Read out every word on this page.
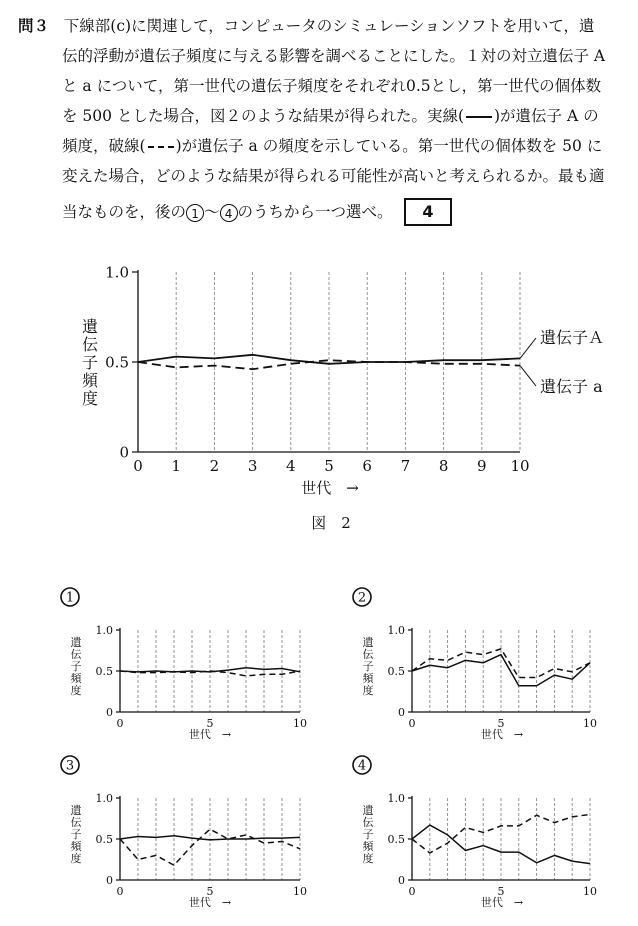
問３ 下線部(c)に関連して，コンピュータのシミュレーションソフトを用いて，遺
伝的浮動が遺伝子頻度に与える影響を調べることにした。１対の対立遺伝子 A
と a について，第一世代の遺伝子頻度をそれぞれ0.5とし，第一世代の個体数
を 500 とした場合，図２のような結果が得られた。実線( )が遺伝子 A の
頻度，破線( )が遺伝子 a の頻度を示している。第一世代の個体数を 50 に
変えた場合，どのような結果が得られる可能性が高いと考えられるか。最も適
当なものを，後の 1 〜 4 のうちから一つ選べ。	4
0
0.5
1.0
0 1 2 3 4 5 6 7 8 9 10
遺
伝
子
頻
度
世代　→
遺伝子Ａ
遺伝子 a
図　2
1
0
0.5
1.0
0	5	10
遺
伝
子
頻
度
世代　→
2
0
0.5
1.0
0	5	10
遺
伝
子
頻
度
世代　→
3
0
0.5
1.0
0	5	10
遺
伝
子
頻
度
世代　→
4
0
0.5
1.0
0	5	10
遺
伝
子
頻
度
世代　→
